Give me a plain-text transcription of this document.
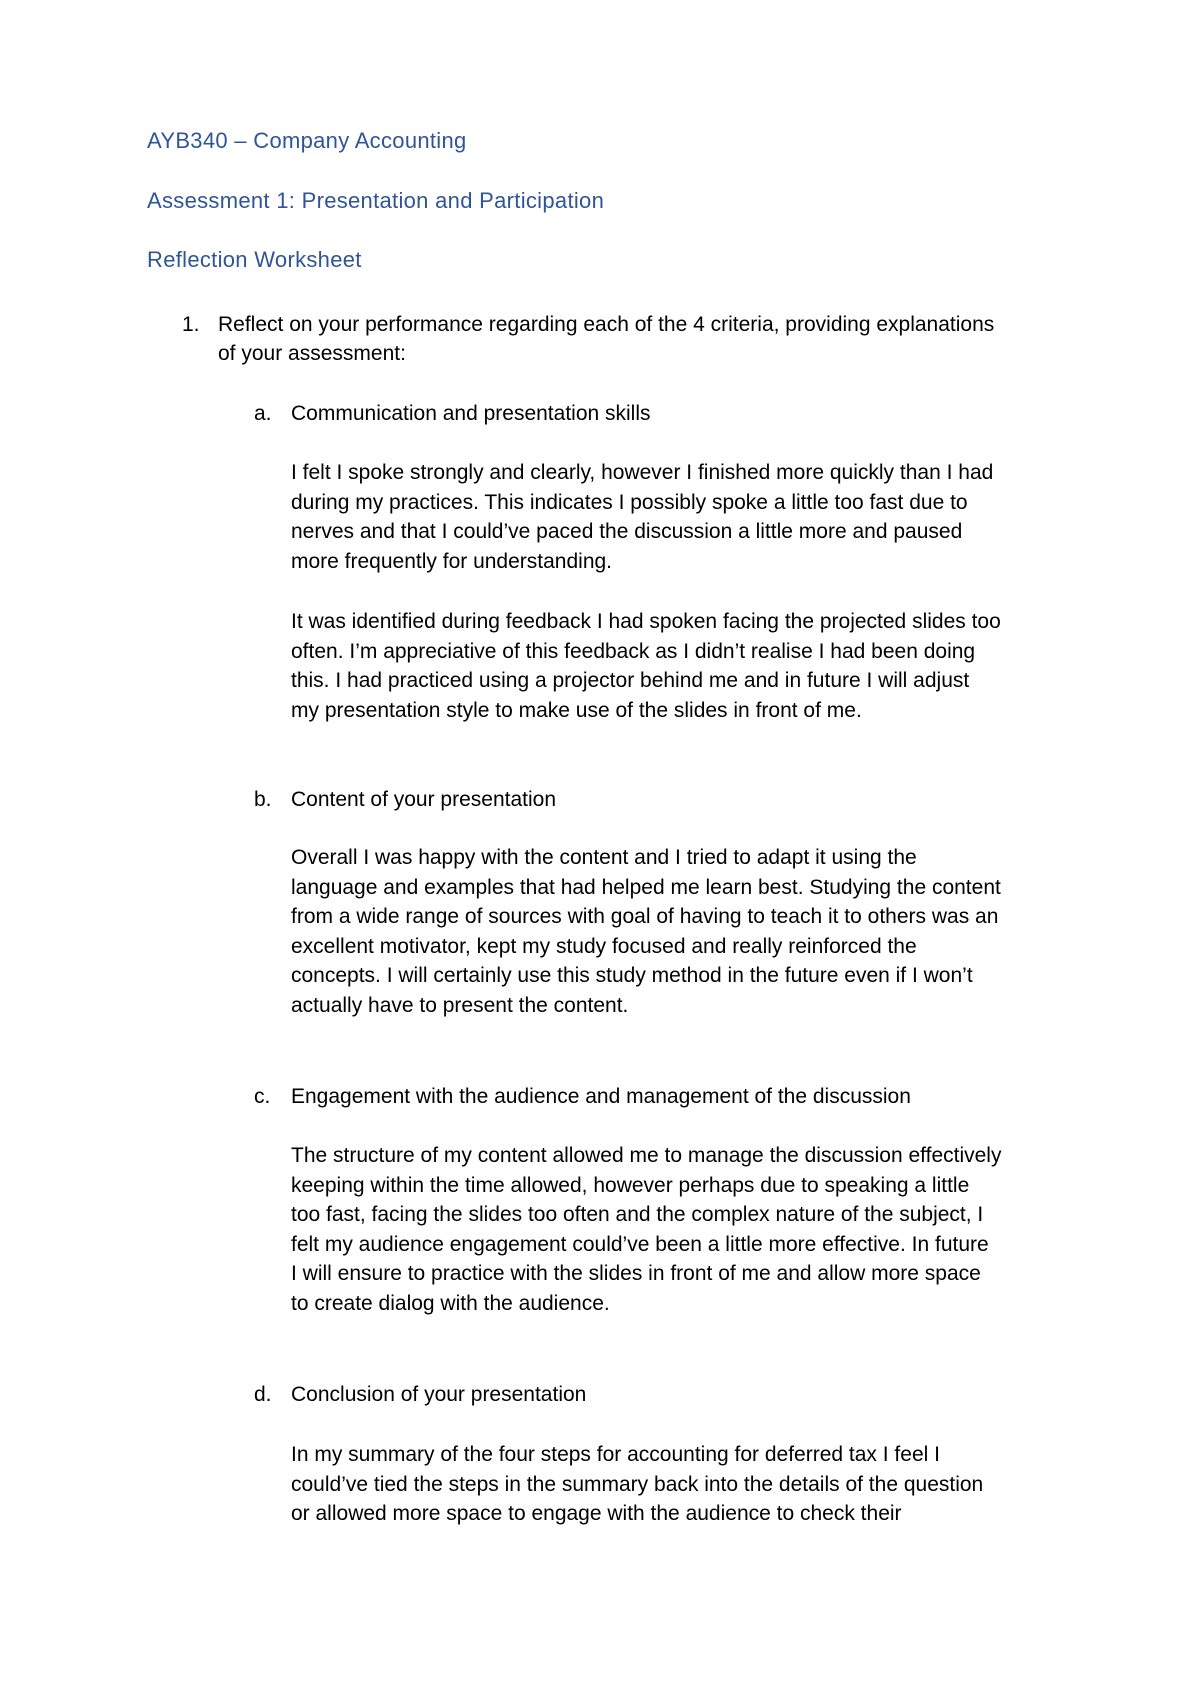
AYB340 – Company Accounting
Assessment 1: Presentation and Participation
Reflection Worksheet
1. Reflect on your performance regarding each of the 4 criteria, providing explanations
of your assessment:
a. Communication and presentation skills
I felt I spoke strongly and clearly, however I finished more quickly than I had
during my practices. This indicates I possibly spoke a little too fast due to
nerves and that I could’ve paced the discussion a little more and paused
more frequently for understanding.
It was identified during feedback I had spoken facing the projected slides too
often. I’m appreciative of this feedback as I didn’t realise I had been doing
this. I had practiced using a projector behind me and in future I will adjust
my presentation style to make use of the slides in front of me.
b. Content of your presentation
Overall I was happy with the content and I tried to adapt it using the
language and examples that had helped me learn best. Studying the content
from a wide range of sources with goal of having to teach it to others was an
excellent motivator, kept my study focused and really reinforced the
concepts. I will certainly use this study method in the future even if I won’t
actually have to present the content.
c. Engagement with the audience and management of the discussion
The structure of my content allowed me to manage the discussion effectively
keeping within the time allowed, however perhaps due to speaking a little
too fast, facing the slides too often and the complex nature of the subject, I
felt my audience engagement could’ve been a little more effective. In future
I will ensure to practice with the slides in front of me and allow more space
to create dialog with the audience.
d. Conclusion of your presentation
In my summary of the four steps for accounting for deferred tax I feel I
could’ve tied the steps in the summary back into the details of the question
or allowed more space to engage with the audience to check their
